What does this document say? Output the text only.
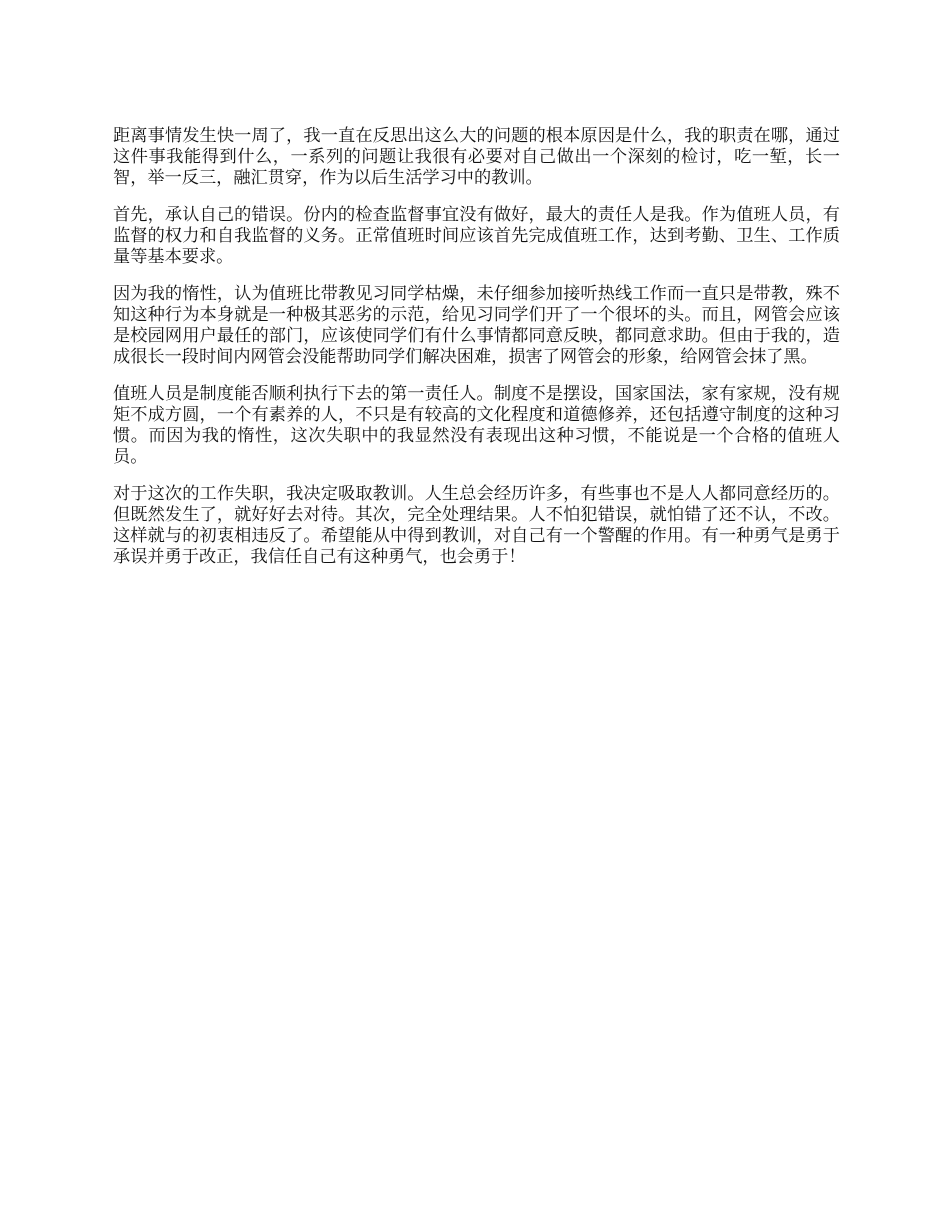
距离事情发生快一周了，我一直在反思出这么大的问题的根本原因是什么，我的职责在哪，通过这件事我能得到什么，一系列的问题让我很有必要对自己做出一个深刻的检讨，吃一堑，长一智，举一反三，融汇贯穿，作为以后生活学习中的教训。

首先，承认自己的错误。份内的检查监督事宜没有做好，最大的责任人是我。作为值班人员，有监督的权力和自我监督的义务。正常值班时间应该首先完成值班工作，达到考勤、卫生、工作质量等基本要求。

因为我的惰性，认为值班比带教见习同学枯燥，未仔细参加接听热线工作而一直只是带教，殊不知这种行为本身就是一种极其恶劣的示范，给见习同学们开了一个很坏的头。而且，网管会应该是校园网用户最任的部门，应该使同学们有什么事情都同意反映，都同意求助。但由于我的，造成很长一段时间内网管会没能帮助同学们解决困难，损害了网管会的形象，给网管会抹了黑。

值班人员是制度能否顺利执行下去的第一责任人。制度不是摆设，国家国法，家有家规，没有规矩不成方圆，一个有素养的人，不只是有较高的文化程度和道德修养，还包括遵守制度的这种习惯。而因为我的惰性，这次失职中的我显然没有表现出这种习惯，不能说是一个合格的值班人员。

对于这次的工作失职，我决定吸取教训。人生总会经历许多，有些事也不是人人都同意经历的。但既然发生了，就好好去对待。其次，完全处理结果。人不怕犯错误，就怕错了还不认，不改。这样就与的初衷相违反了。希望能从中得到教训，对自己有一个警醒的作用。有一种勇气是勇于承误并勇于改正，我信任自己有这种勇气，也会勇于！
